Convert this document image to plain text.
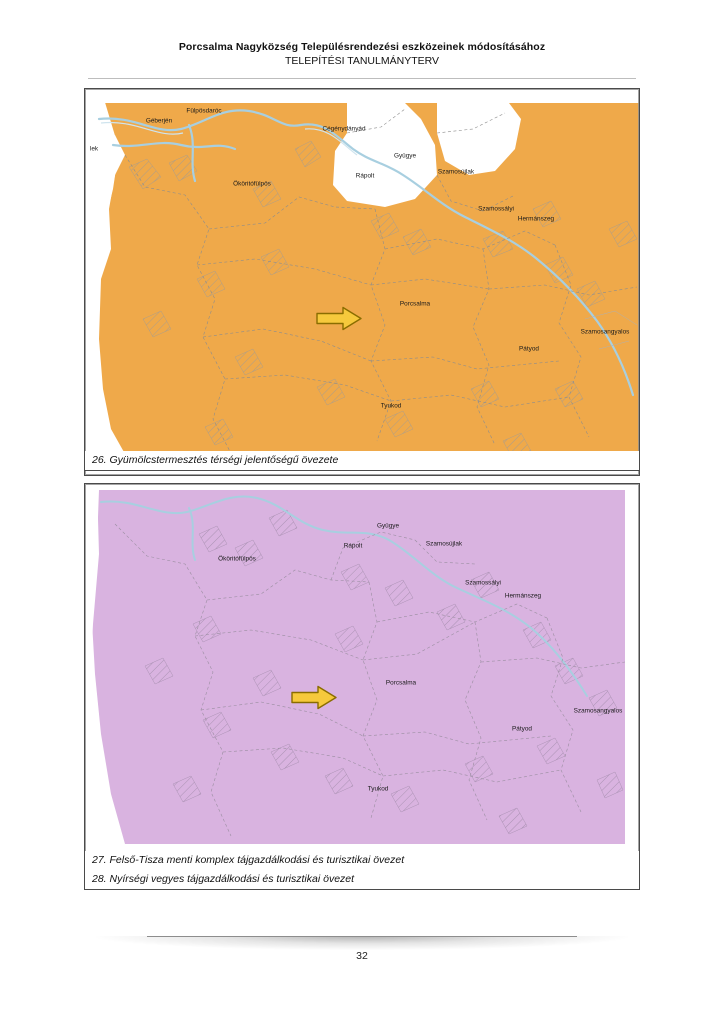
Porcsalma Nagyközség Településrendezési eszközeinek módosításához
TELEPÍTÉSI TANULMÁNYTERV
Fülpösdaróc
Géberjén
lek
Cégénydányád
Gyügye
Rápolt
Szamosújlak
Ököritófülpös
Szamossályi
Hermánszeg
Porcsalma
Szamosangyalos
Pátyod
Tyukod
26. Gyümölcstermesztés térségi jelentőségű övezete
Gyügye
Rápolt	Szamosújlak
Ököritófülpös
Szamossályi
Hermánszeg
Porcsalma
Szamosangyalos
Pátyod
Tyukod
27. Felső-Tisza menti komplex tájgazdálkodási és turisztikai övezet
28. Nyírségi vegyes tájgazdálkodási és turisztikai övezet
32
